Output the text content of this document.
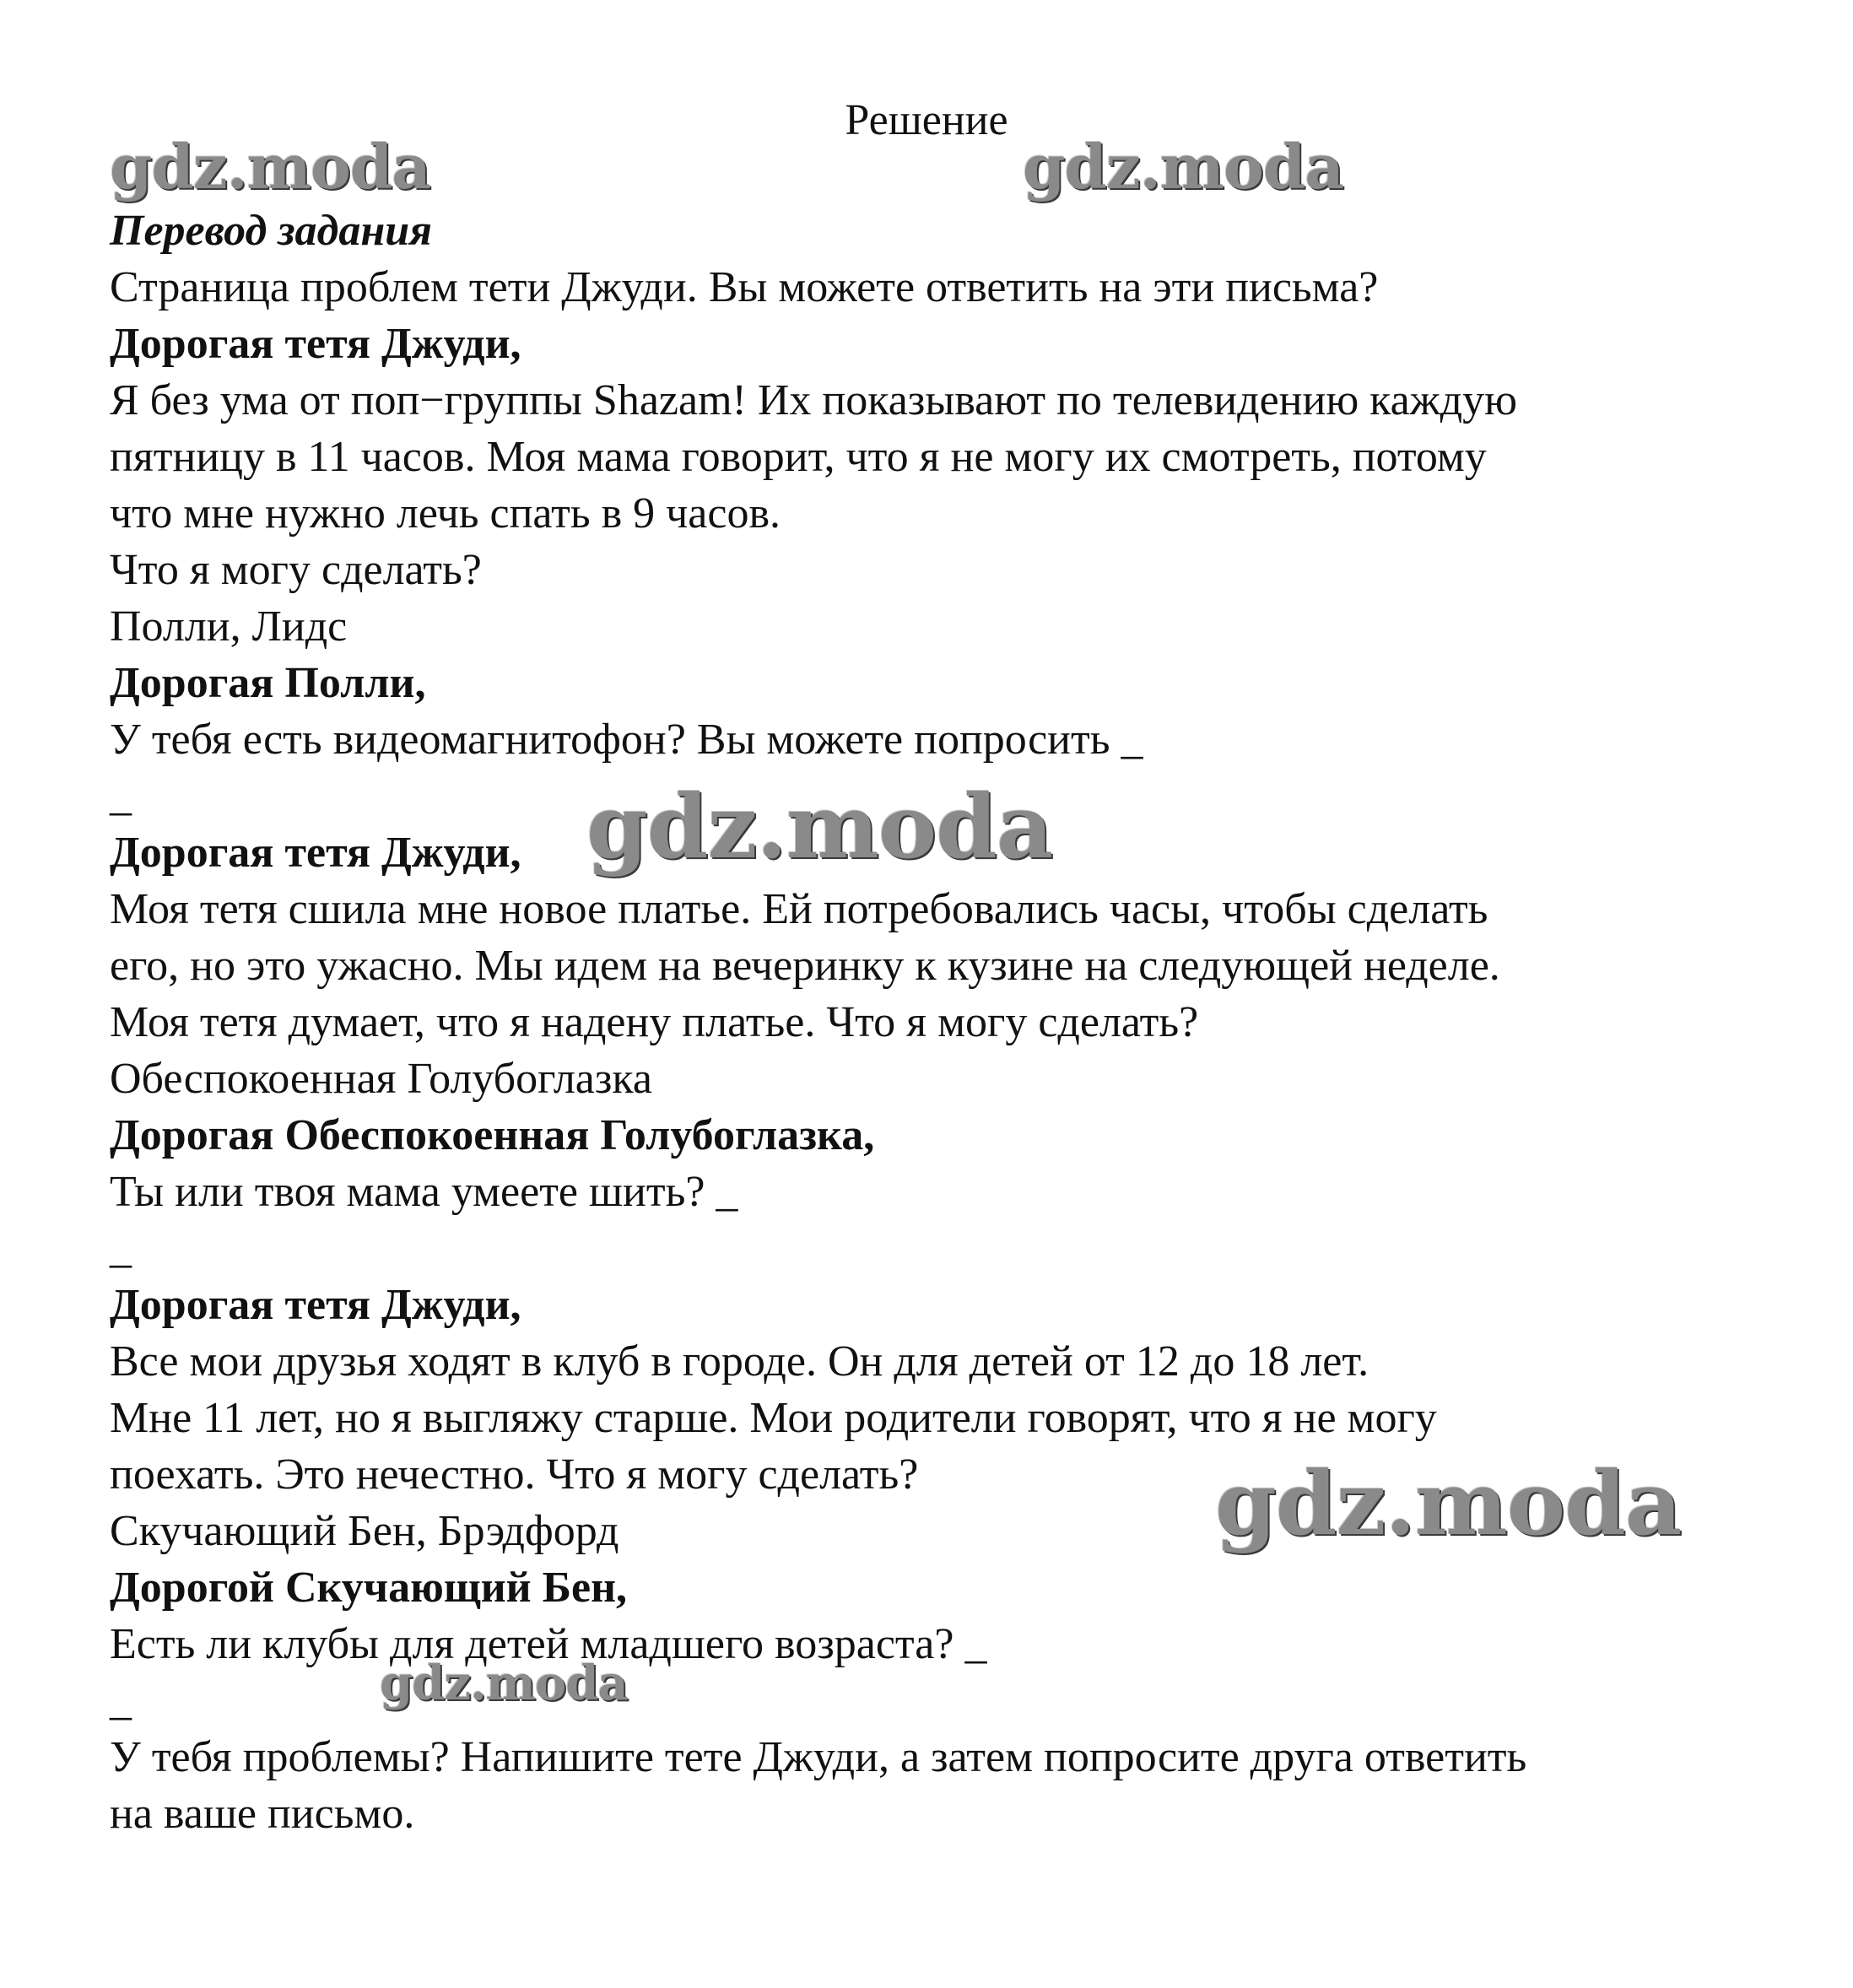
Решение
Перевод задания
Страница проблем тети Джуди. Вы можете ответить на эти письма?
Дорогая тетя Джуди,
Я без ума от поп−группы Shazam! Их показывают по телевидению каждую
пятницу в 11 часов. Моя мама говорит, что я не могу их смотреть, потому
что мне нужно лечь спать в 9 часов.
Что я могу сделать?
Полли, Лидс
Дорогая Полли,
У тебя есть видеомагнитофон? Вы можете попросить _
_
Дорогая тетя Джуди,
Моя тетя сшила мне новое платье. Ей потребовались часы, чтобы сделать
его, но это ужасно. Мы идем на вечеринку к кузине на следующей неделе.
Моя тетя думает, что я надену платье. Что я могу сделать?
Обеспокоенная Голубоглазка
Дорогая Обеспокоенная Голубоглазка,
Ты или твоя мама умеете шить? _
_
Дорогая тетя Джуди,
Все мои друзья ходят в клуб в городе. Он для детей от 12 до 18 лет.
Мне 11 лет, но я выгляжу старше. Мои родители говорят, что я не могу
поехать. Это нечестно. Что я могу сделать?
Скучающий Бен, Брэдфорд
Дорогой Скучающий Бен,
Есть ли клубы для детей младшего возраста? _
_
У тебя проблемы? Напишите тете Джуди, а затем попросите друга ответить
на ваше письмо.
gdz.moda	gdz.moda
gdz.moda
gdz.moda
gdz.moda
